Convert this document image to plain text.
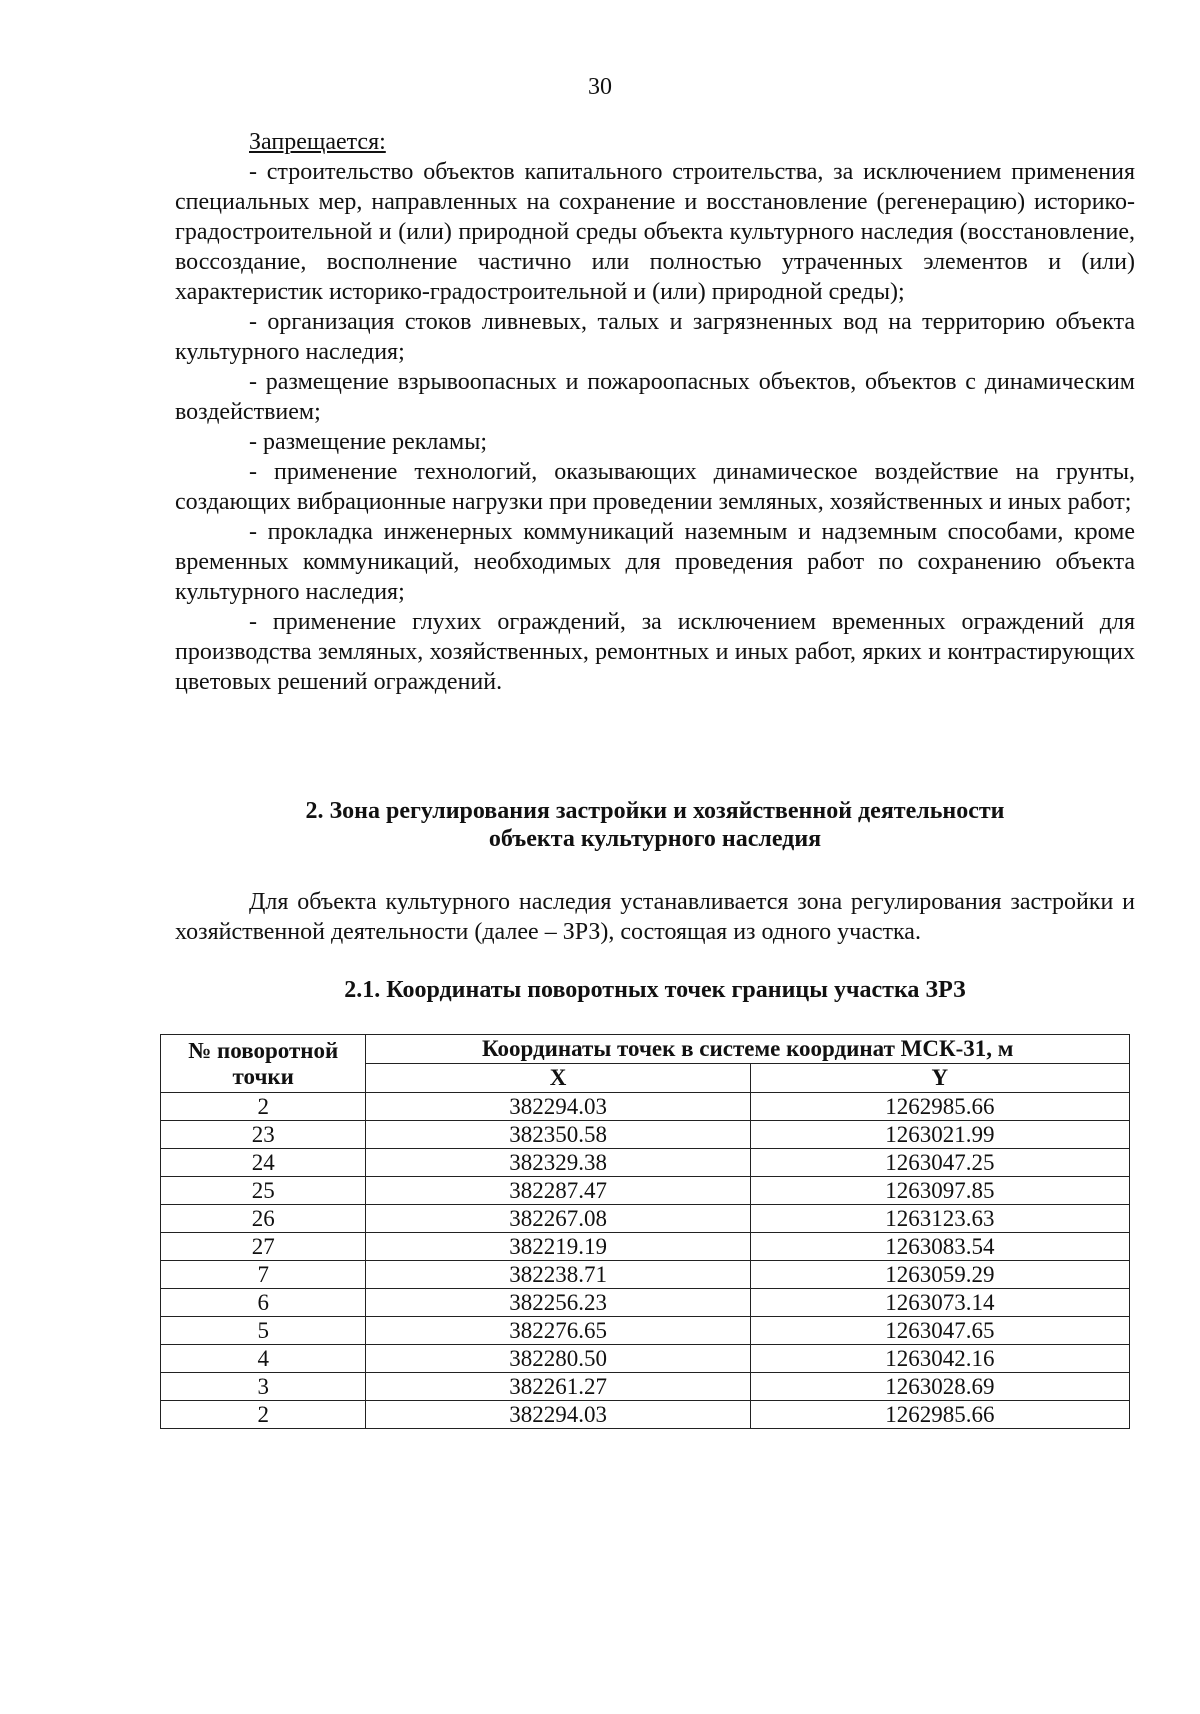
30

Запрещается:

- строительство объектов капитального строительства, за исключением применения специальных мер, направленных на сохранение и восстановление (регенерацию) историко-градостроительной и (или) природной среды объекта культурного наследия (восстановление, воссоздание, восполнение частично или полностью утраченных элементов и (или) характеристик историко-градостроительной и (или) природной среды);

- организация стоков ливневых, талых и загрязненных вод на территорию объекта культурного наследия;

- размещение взрывоопасных и пожароопасных объектов, объектов с динамическим воздействием;

- размещение рекламы;

- применение технологий, оказывающих динамическое воздействие на грунты, создающих вибрационные нагрузки при проведении земляных, хозяйственных и иных работ;

- прокладка инженерных коммуникаций наземным и надземным способами, кроме временных коммуникаций, необходимых для проведения работ по сохранению объекта культурного наследия;

- применение глухих ограждений, за исключением временных ограждений для производства земляных, хозяйственных, ремонтных и иных работ, ярких и контрастирующих цветовых решений ограждений.

2. Зона регулирования застройки и хозяйственной деятельности
объекта культурного наследия

Для объекта культурного наследия устанавливается зона регулирования застройки и хозяйственной деятельности (далее – ЗРЗ), состоящая из одного участка.

2.1. Координаты поворотных точек границы участка ЗРЗ
№ поворотной точки	Координаты точек в системе координат МСК-31, м	
	X	Y
2	382294.03	1262985.66
23	382350.58	1263021.99
24	382329.38	1263047.25
25	382287.47	1263097.85
26	382267.08	1263123.63
27	382219.19	1263083.54
7	382238.71	1263059.29
6	382256.23	1263073.14
5	382276.65	1263047.65
4	382280.50	1263042.16
3	382261.27	1263028.69
2	382294.03	1262985.66
